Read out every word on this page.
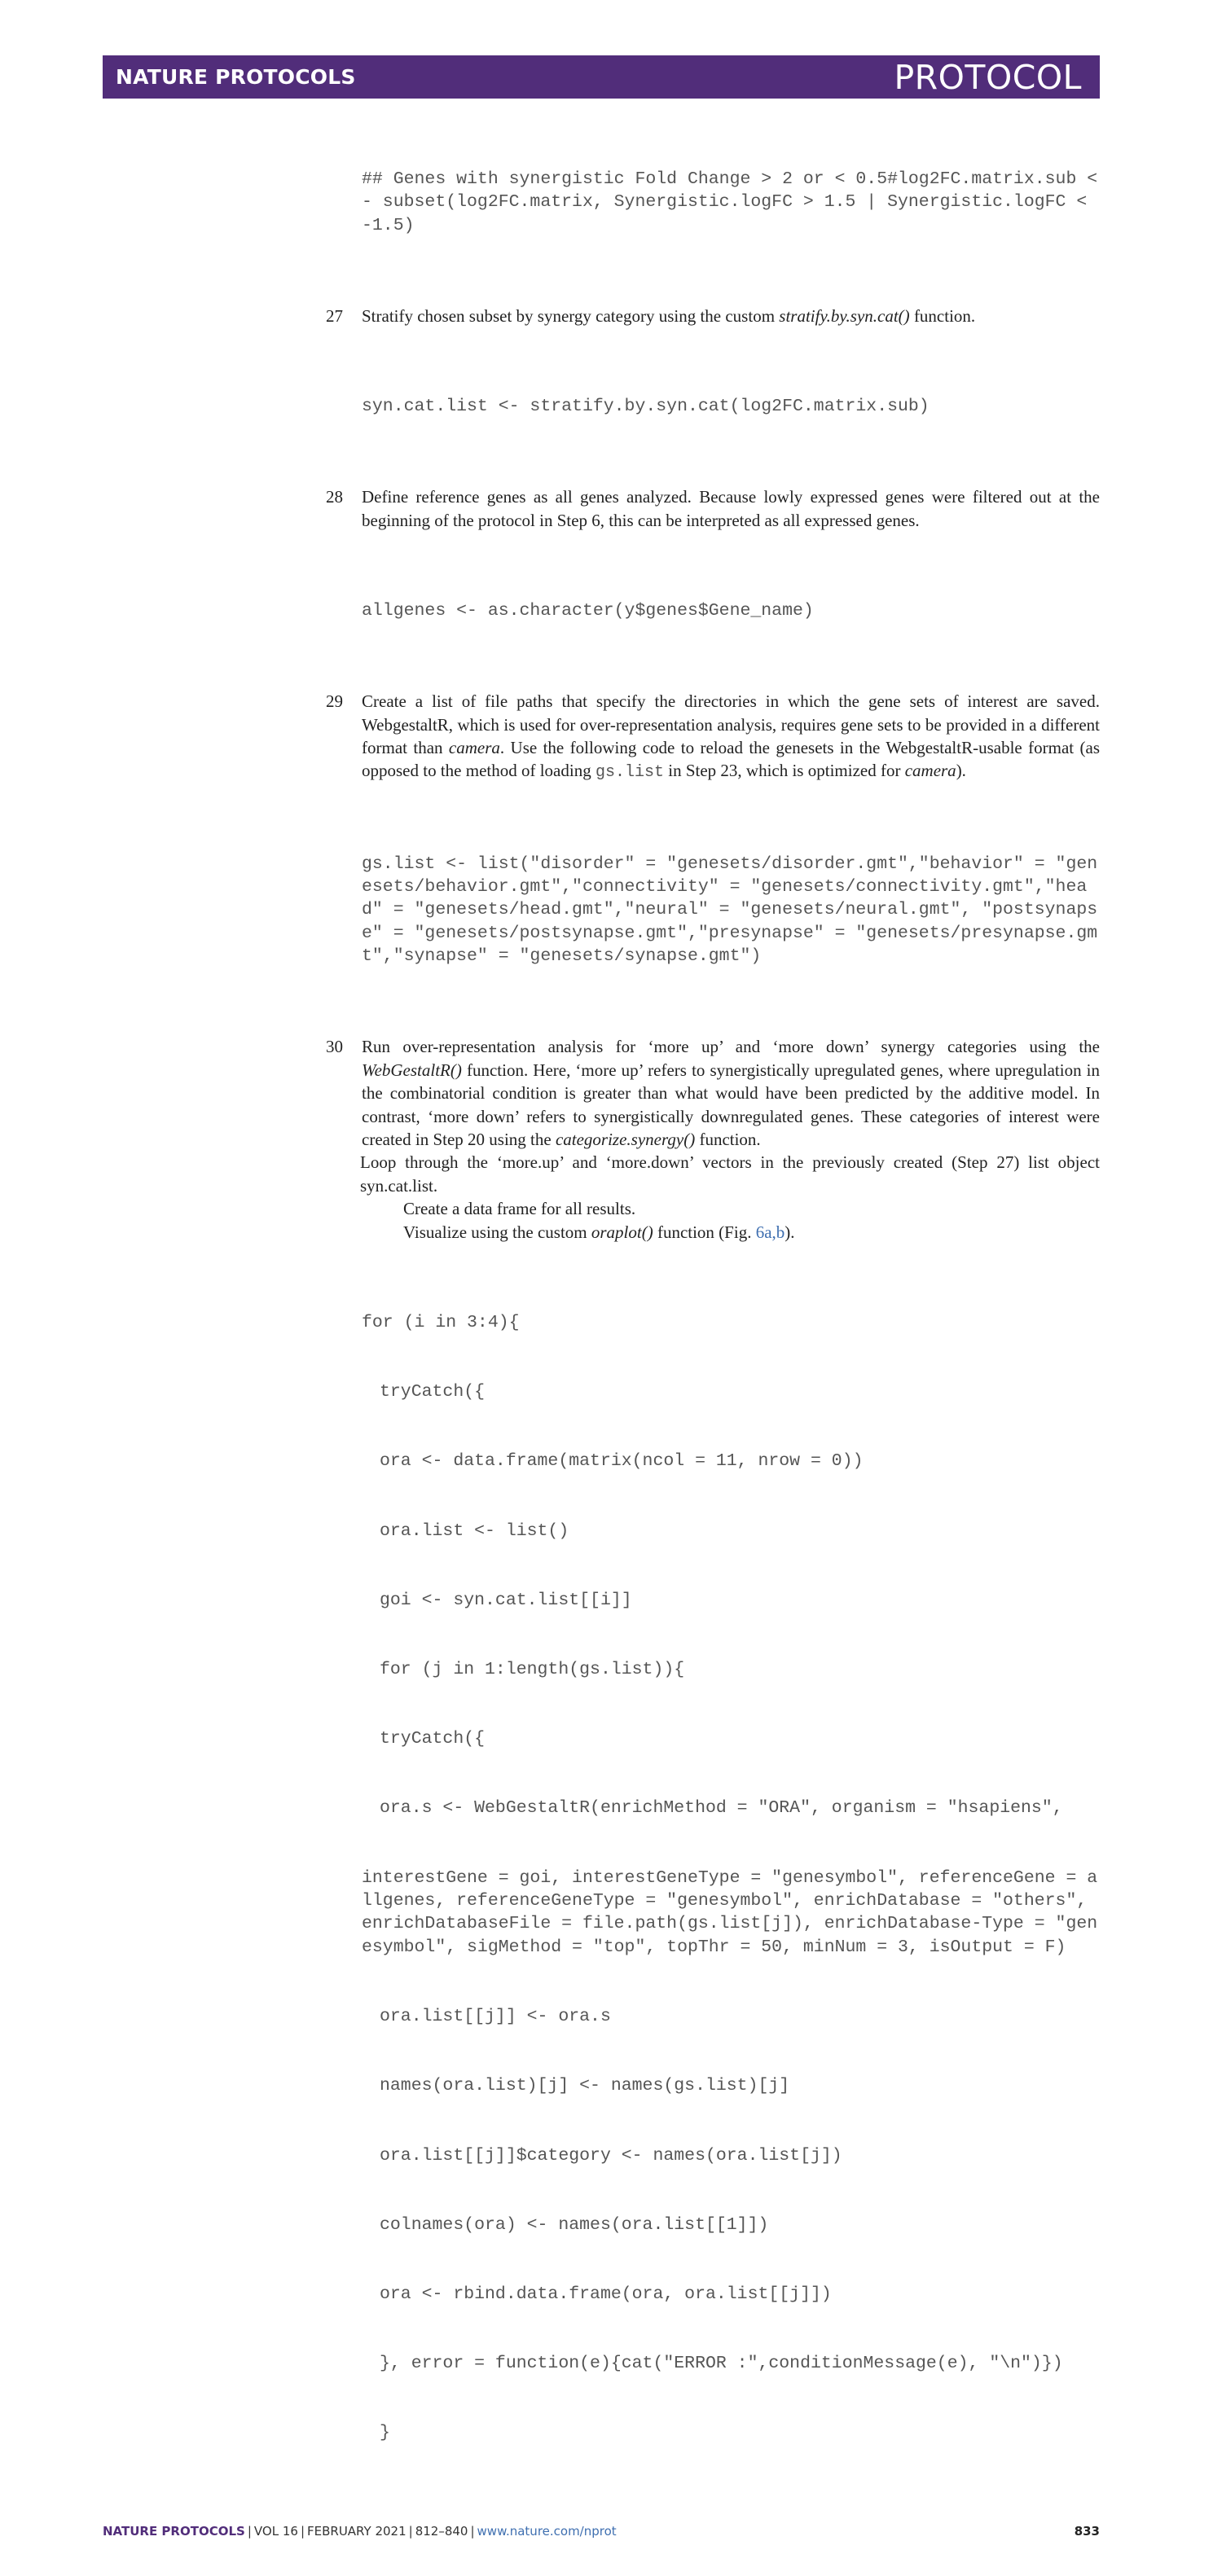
NATURE PROTOCOLS	PROTOCOL

## Genes with synergistic Fold Change > 2 or < 0.5#log2FC.matrix.sub <- subset(log2FC.matrix, Synergistic.logFC > 1.5 | Synergistic.logFC < -1.5)

27	Stratify chosen subset by synergy category using the custom stratify.by.syn.cat() function.

syn.cat.list <- stratify.by.syn.cat(log2FC.matrix.sub)

28	Define reference genes as all genes analyzed. Because lowly expressed genes were filtered out at the beginning of the protocol in Step 6, this can be interpreted as all expressed genes.

allgenes <- as.character(y$genes$Gene_name)

29	Create a list of file paths that specify the directories in which the gene sets of interest are saved. WebgestaltR, which is used for over-representation analysis, requires gene sets to be provided in a different format than camera. Use the following code to reload the genesets in the WebgestaltR-usable format (as opposed to the method of loading gs.list in Step 23, which is optimized for camera).

gs.list <- list("disorder" = "genesets/disorder.gmt","behavior" = "genesets/behavior.gmt","connectivity" = "genesets/connectivity.gmt","head" = "genesets/head.gmt","neural" = "genesets/neural.gmt", "postsynapse" = "genesets/postsynapse.gmt","presynapse" = "genesets/presynapse.gmt","synapse" = "genesets/synapse.gmt")

30	Run over-representation analysis for ‘more up’ and ‘more down’ synergy categories using the WebGestaltR() function. Here, ‘more up’ refers to synergistically upregulated genes, where upregulation in the combinatorial condition is greater than what would have been predicted by the additive model. In contrast, ‘more down’ refers to synergistically downregulated genes. These categories of interest were created in Step 20 using the categorize.synergy() function.
Loop through the ‘more.up’ and ‘more.down’ vectors in the previously created (Step 27) list object syn.cat.list.
Create a data frame for all results.
Visualize using the custom oraplot() function (Fig. 6a,b).

for (i in 3:4){

tryCatch({

ora <- data.frame(matrix(ncol = 11, nrow = 0))

ora.list <- list()

goi <- syn.cat.list[[i]]

for (j in 1:length(gs.list)){

tryCatch({

ora.s <- WebGestaltR(enrichMethod = "ORA", organism = "hsapiens",

interestGene = goi, interestGeneType = "genesymbol", referenceGene = allgenes, referenceGeneType = "genesymbol", enrichDatabase = "others", enrichDatabaseFile = file.path(gs.list[j]), enrichDatabase-Type = "genesymbol", sigMethod = "top", topThr = 50, minNum = 3, isOutput = F)

ora.list[[j]] <- ora.s

names(ora.list)[j] <- names(gs.list)[j]

ora.list[[j]]$category <- names(ora.list[j])

colnames(ora) <- names(ora.list[[1]])

ora <- rbind.data.frame(ora, ora.list[[j]])

}, error = function(e){cat("ERROR :",conditionMessage(e), "\n")})

}

NATURE PROTOCOLS | VOL 16 | FEBRUARY 2021 | 812–840 | www.nature.com/nprot	833
